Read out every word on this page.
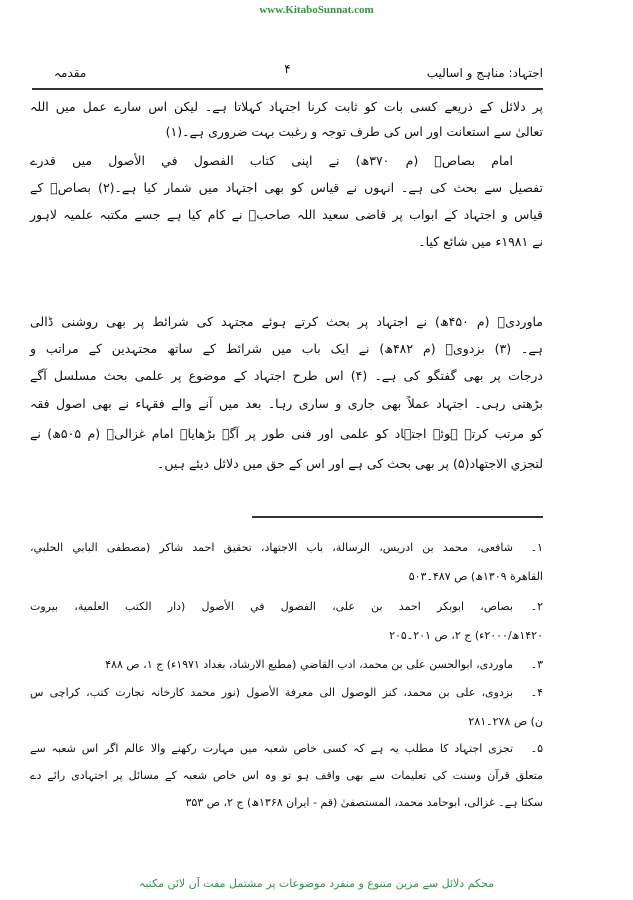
www.KitaboSunnat.com
اجتہاد: مناہج و اسالیب
۴
مقدمہ
پر دلائل کے ذریعے کسی بات کو ثابت کرنا اجتہاد کہلاتا ہے۔ لیکن اس سارے عمل میں اللہ
تعالیٰ سے استعانت اور اس کی طرف توجہ و رغبت بہت ضروری ہے۔(۱)
امام بصاصؒ (م ۳۷۰ھ) نے اپنی کتاب الفصول في الأصول میں قدرے
تفصیل سے بحث کی ہے۔ انہوں نے قیاس کو بھی اجتہاد میں شمار کیا ہے۔(۲) بصاصؒ کے
قیاس و اجتہاد کے ابواب پر قاضی سعید اللہ صاحبؒ نے کام کیا ہے جسے مکتبہ علمیہ لاہور
نے ۱۹۸۱ء میں شائع کیا۔
ماوردیؒ (م ۴۵۰ھ) نے اجتہاد پر بحث کرتے ہوئے مجتہد کی شرائط پر بھی روشنی ڈالی
ہے۔ (۳) بزدویؒ (م ۴۸۲ھ) نے ایک باب میں شرائط کے ساتھ مجتہدین کے مراتب و
درجات پر بھی گفتگو کی ہے۔ (۴) اس طرح اجتہاد کے موضوع پر علمی بحث مسلسل آگے
بڑھتی رہی۔ اجتہاد عملاً بھی جاری و ساری رہا۔ بعد میں آنے والے فقہاء نے بھی اصول فقہ
کو مرتب کرتے ہوئے اجتہاد کو علمی اور فنی طور پر آگے بڑھایا۔ امام غزالیؒ (م ۵۰۵ھ) نے
لتجزي الاجتهاد(۵) پر بھی بحث کی ہے اور اس کے حق میں دلائل دیئے ہیں۔
۱۔شافعی، محمد بن ادریس، الرسالة، باب الاجتهاد، تحقیق احمد شاکر (مصطفى البابي الحلبي،
القاهرة ۱۳۰۹ھ) ص ۴۸۷۔۵۰۳
۲۔بصاص، ابوبکر احمد بن علی، الفصول في الأصول (دار الكتب العلمية، بیروت
۱۴۲۰ھ/۲۰۰۰ء) ج ۲، ص ۲۰۱۔۲۰۵
۳۔ماوردی، ابوالحسن علی بن محمد، ادب القاضي (مطبع الارشاد، بغداد ۱۹۷۱ء) ج ۱، ص ۴۸۸
۴۔بزدوی، علی بن محمد، كنز الوصول الى معرفة الأصول (نور محمد کارخانہ تجارت کتب، کراچی س
ن) ص ۲۷۸۔۲۸۱
۵۔تجزی اجتہاد کا مطلب یہ ہے کہ کسی خاص شعبہ میں مہارت رکھنے والا عالم اگر اس شعبہ سے
متعلق قرآن وسنت کی تعلیمات سے بھی واقف ہو تو وہ اس خاص شعبہ کے مسائل پر اجتہادی رائے دے
سکتا ہے۔ غزالی، ابوحامد محمد، المستصفیٰ (قم - ایران ۱۳۶۸ھ) ج ۲، ص ۳۵۳
محکم دلائل سے مزین متنوع و منفرد موضوعات پر مشتمل مفت آن لائن مکتبہ
